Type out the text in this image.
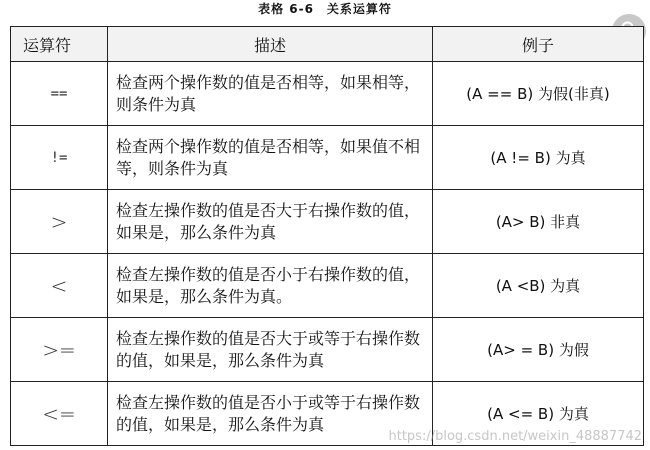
表格 6-6　关系运算符
运算符	描述	例子
==	检查两个操作数的值是否相等，如果相等，则条件为真	(A == B) 为假(非真)
!=	检查两个操作数的值是否相等，如果值不相等，则条件为真	(A != B) 为真
>	检查左操作数的值是否大于右操作数的值，如果是，那么条件为真	(A> B) 非真
<	检查左操作数的值是否小于右操作数的值，如果是，那么条件为真。	(A <B) 为真
>=	检查左操作数的值是否大于或等于右操作数的值，如果是，那么条件为真	(A> = B) 为假
<=	检查左操作数的值是否小于或等于右操作数的值，如果是，那么条件为真	(A <= B) 为真
https://blog.csdn.net/weixin_48887742
